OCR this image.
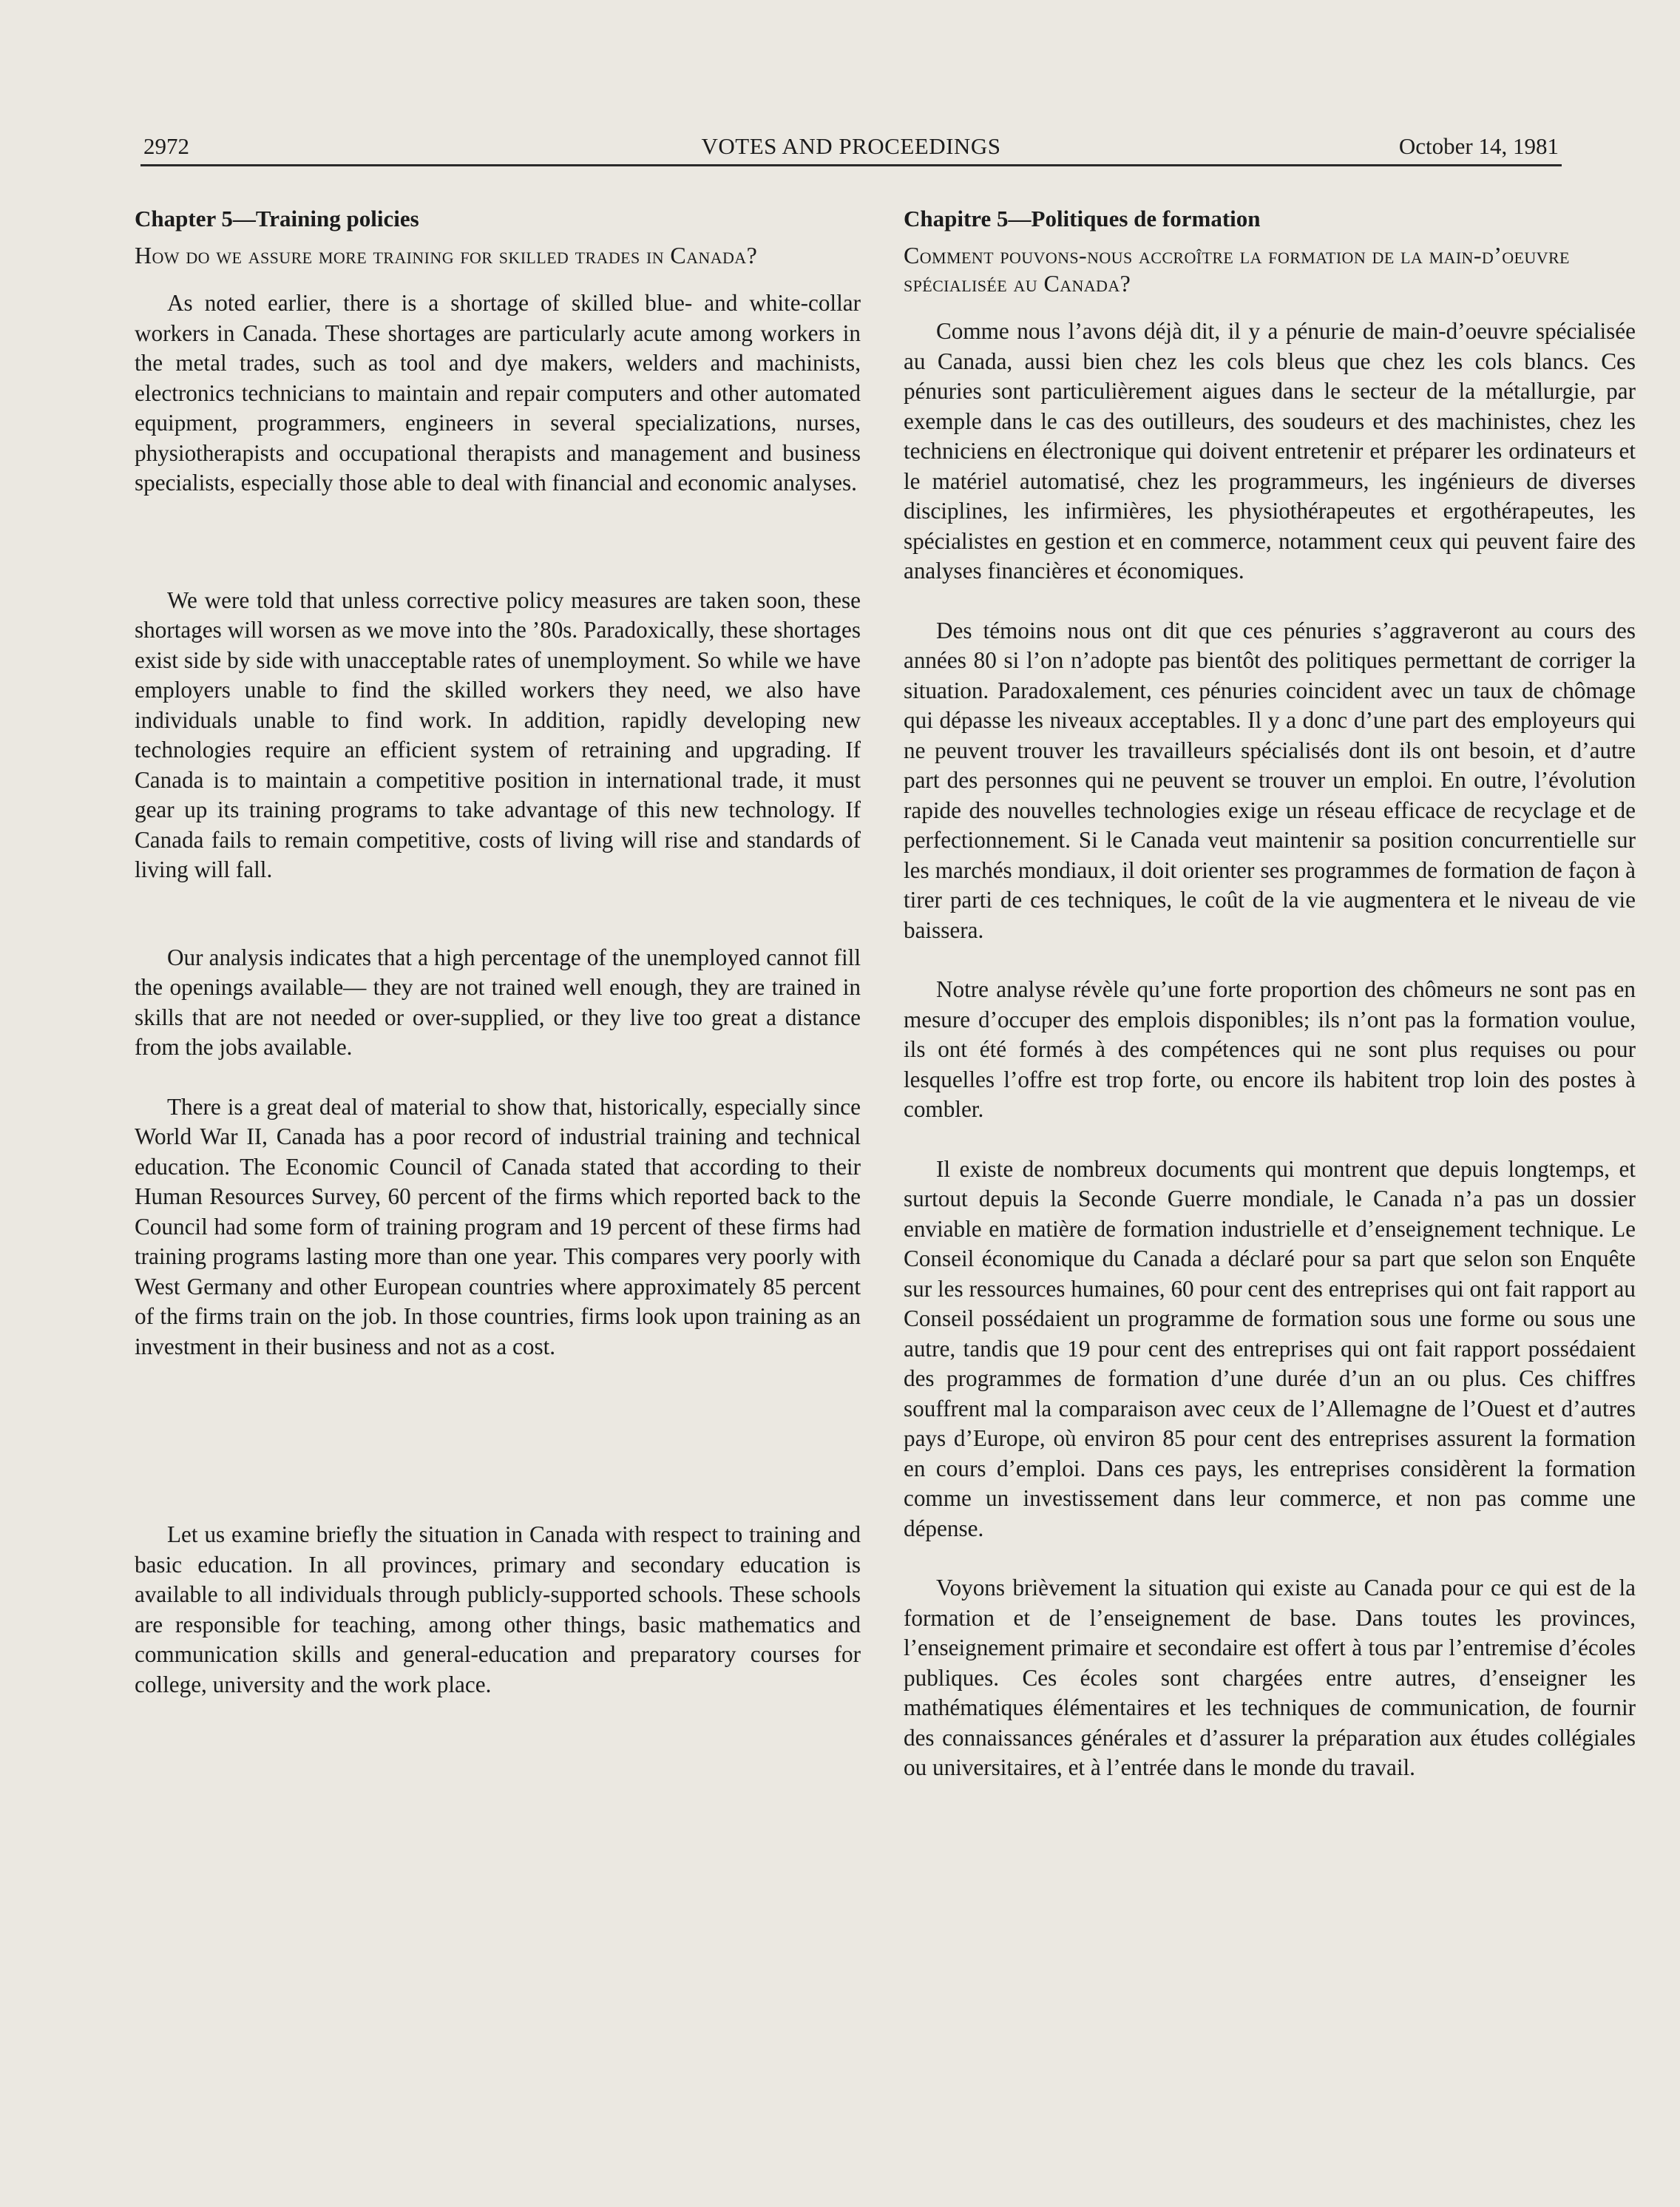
2972	VOTES AND PROCEEDINGS	October 14, 1981
Chapter 5—Training policies
How do we assure more training for skilled trades in Canada?

As noted earlier, there is a shortage of skilled blue- and white-collar workers in Canada. These shortages are particularly acute among workers in the metal trades, such as tool and dye makers, welders and machinists, electronics technicians to maintain and repair computers and other automated equipment, programmers, engineers in several specializations, nurses, physiotherapists and occupational therapists and management and business specialists, especially those able to deal with financial and economic analyses.

We were told that unless corrective policy measures are taken soon, these shortages will worsen as we move into the ’80s. Paradoxically, these shortages exist side by side with unacceptable rates of unemployment. So while we have employers unable to find the skilled workers they need, we also have individuals unable to find work. In addition, rapidly developing new technologies require an efficient system of retraining and upgrading. If Canada is to maintain a competitive position in international trade, it must gear up its training programs to take advantage of this new technology. If Canada fails to remain competitive, costs of living will rise and standards of living will fall.

Our analysis indicates that a high percentage of the unemployed cannot fill the openings available— they are not trained well enough, they are trained in skills that are not needed or over-supplied, or they live too great a distance from the jobs available.

There is a great deal of material to show that, historically, especially since World War II, Canada has a poor record of industrial training and technical education. The Economic Council of Canada stated that according to their Human Resources Survey, 60 percent of the firms which reported back to the Council had some form of training program and 19 percent of these firms had training programs lasting more than one year. This compares very poorly with West Germany and other European countries where approximately 85 percent of the firms train on the job. In those countries, firms look upon training as an investment in their business and not as a cost.

Let us examine briefly the situation in Canada with respect to training and basic education. In all provinces, primary and secondary education is available to all individuals through publicly-supported schools. These schools are responsible for teaching, among other things, basic mathematics and communication skills and general-education and preparatory courses for college, university and the work place.

Chapitre 5—Politiques de formation
Comment pouvons-nous accroître la formation de la main-d’oeuvre spécialisée au Canada?

Comme nous l’avons déjà dit, il y a pénurie de main-d’oeuvre spécialisée au Canada, aussi bien chez les cols bleus que chez les cols blancs. Ces pénuries sont particulièrement aigues dans le secteur de la métallurgie, par exemple dans le cas des outilleurs, des soudeurs et des machinistes, chez les techniciens en électronique qui doivent entretenir et préparer les ordinateurs et le matériel automatisé, chez les programmeurs, les ingénieurs de diverses disciplines, les infirmières, les physiothérapeutes et ergothérapeutes, les spécialistes en gestion et en commerce, notamment ceux qui peuvent faire des analyses financières et économiques.

Des témoins nous ont dit que ces pénuries s’aggraveront au cours des années 80 si l’on n’adopte pas bientôt des politiques permettant de corriger la situation. Paradoxalement, ces pénuries coincident avec un taux de chômage qui dépasse les niveaux acceptables. Il y a donc d’une part des employeurs qui ne peuvent trouver les travailleurs spécialisés dont ils ont besoin, et d’autre part des personnes qui ne peuvent se trouver un emploi. En outre, l’évolution rapide des nouvelles technologies exige un réseau efficace de recyclage et de perfectionnement. Si le Canada veut maintenir sa position concurrentielle sur les marchés mondiaux, il doit orienter ses programmes de formation de façon à tirer parti de ces techniques, le coût de la vie augmentera et le niveau de vie baissera.

Notre analyse révèle qu’une forte proportion des chômeurs ne sont pas en mesure d’occuper des emplois disponibles; ils n’ont pas la formation voulue, ils ont été formés à des compétences qui ne sont plus requises ou pour lesquelles l’offre est trop forte, ou encore ils habitent trop loin des postes à combler.

Il existe de nombreux documents qui montrent que depuis longtemps, et surtout depuis la Seconde Guerre mondiale, le Canada n’a pas un dossier enviable en matière de formation industrielle et d’enseignement technique. Le Conseil économique du Canada a déclaré pour sa part que selon son Enquête sur les ressources humaines, 60 pour cent des entreprises qui ont fait rapport au Conseil possédaient un programme de formation sous une forme ou sous une autre, tandis que 19 pour cent des entreprises qui ont fait rapport possédaient des programmes de formation d’une durée d’un an ou plus. Ces chiffres souffrent mal la comparaison avec ceux de l’Allemagne de l’Ouest et d’autres pays d’Europe, où environ 85 pour cent des entreprises assurent la formation en cours d’emploi. Dans ces pays, les entreprises considèrent la formation comme un investissement dans leur commerce, et non pas comme une dépense.

Voyons brièvement la situation qui existe au Canada pour ce qui est de la formation et de l’enseignement de base. Dans toutes les provinces, l’enseignement primaire et secondaire est offert à tous par l’entremise d’écoles publiques. Ces écoles sont chargées entre autres, d’enseigner les mathématiques élémentaires et les techniques de communication, de fournir des connaissances générales et d’assurer la préparation aux études collégiales ou universitaires, et à l’entrée dans le monde du travail.
